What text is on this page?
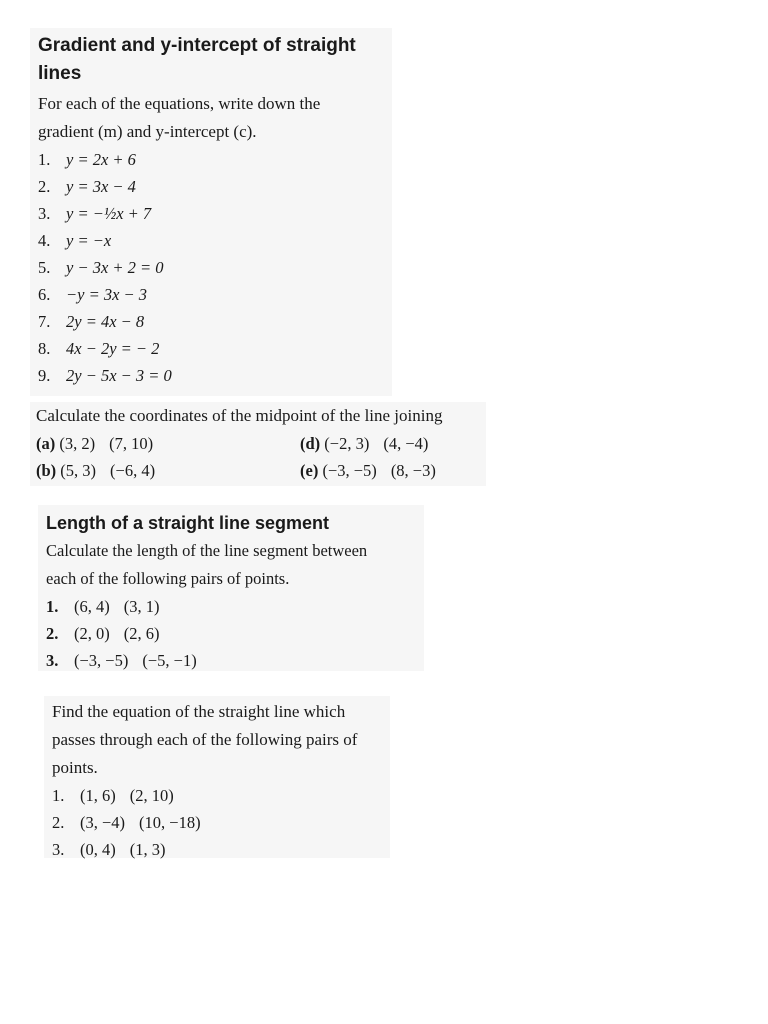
Gradient and y-intercept of straight lines
For each of the equations, write down the
gradient (m) and y-intercept (c).
1. y = 2x + 6
2. y = 3x − 4
3. y = −½x + 7
4. y = −x
5. y − 3x + 2 = 0
6. −y = 3x − 3
7. 2y = 4x − 8
8. 4x − 2y = − 2
9. 2y − 5x − 3 = 0
Calculate the coordinates of the midpoint of the line joining
(a) (3, 2) (7, 10)	(d) (−2, 3) (4, −4)
(b) (5, 3) (−6, 4)	(e) (−3, −5) (8, −3)
Length of a straight line segment
Calculate the length of the line segment between
each of the following pairs of points.
1. (6, 4) (3, 1)
2. (2, 0) (2, 6)
3. (−3, −5) (−5, −1)
Find the equation of the straight line which
passes through each of the following pairs of
points.
1. (1, 6) (2, 10)
2. (3, −4) (10, −18)
3. (0, 4) (1, 3)
